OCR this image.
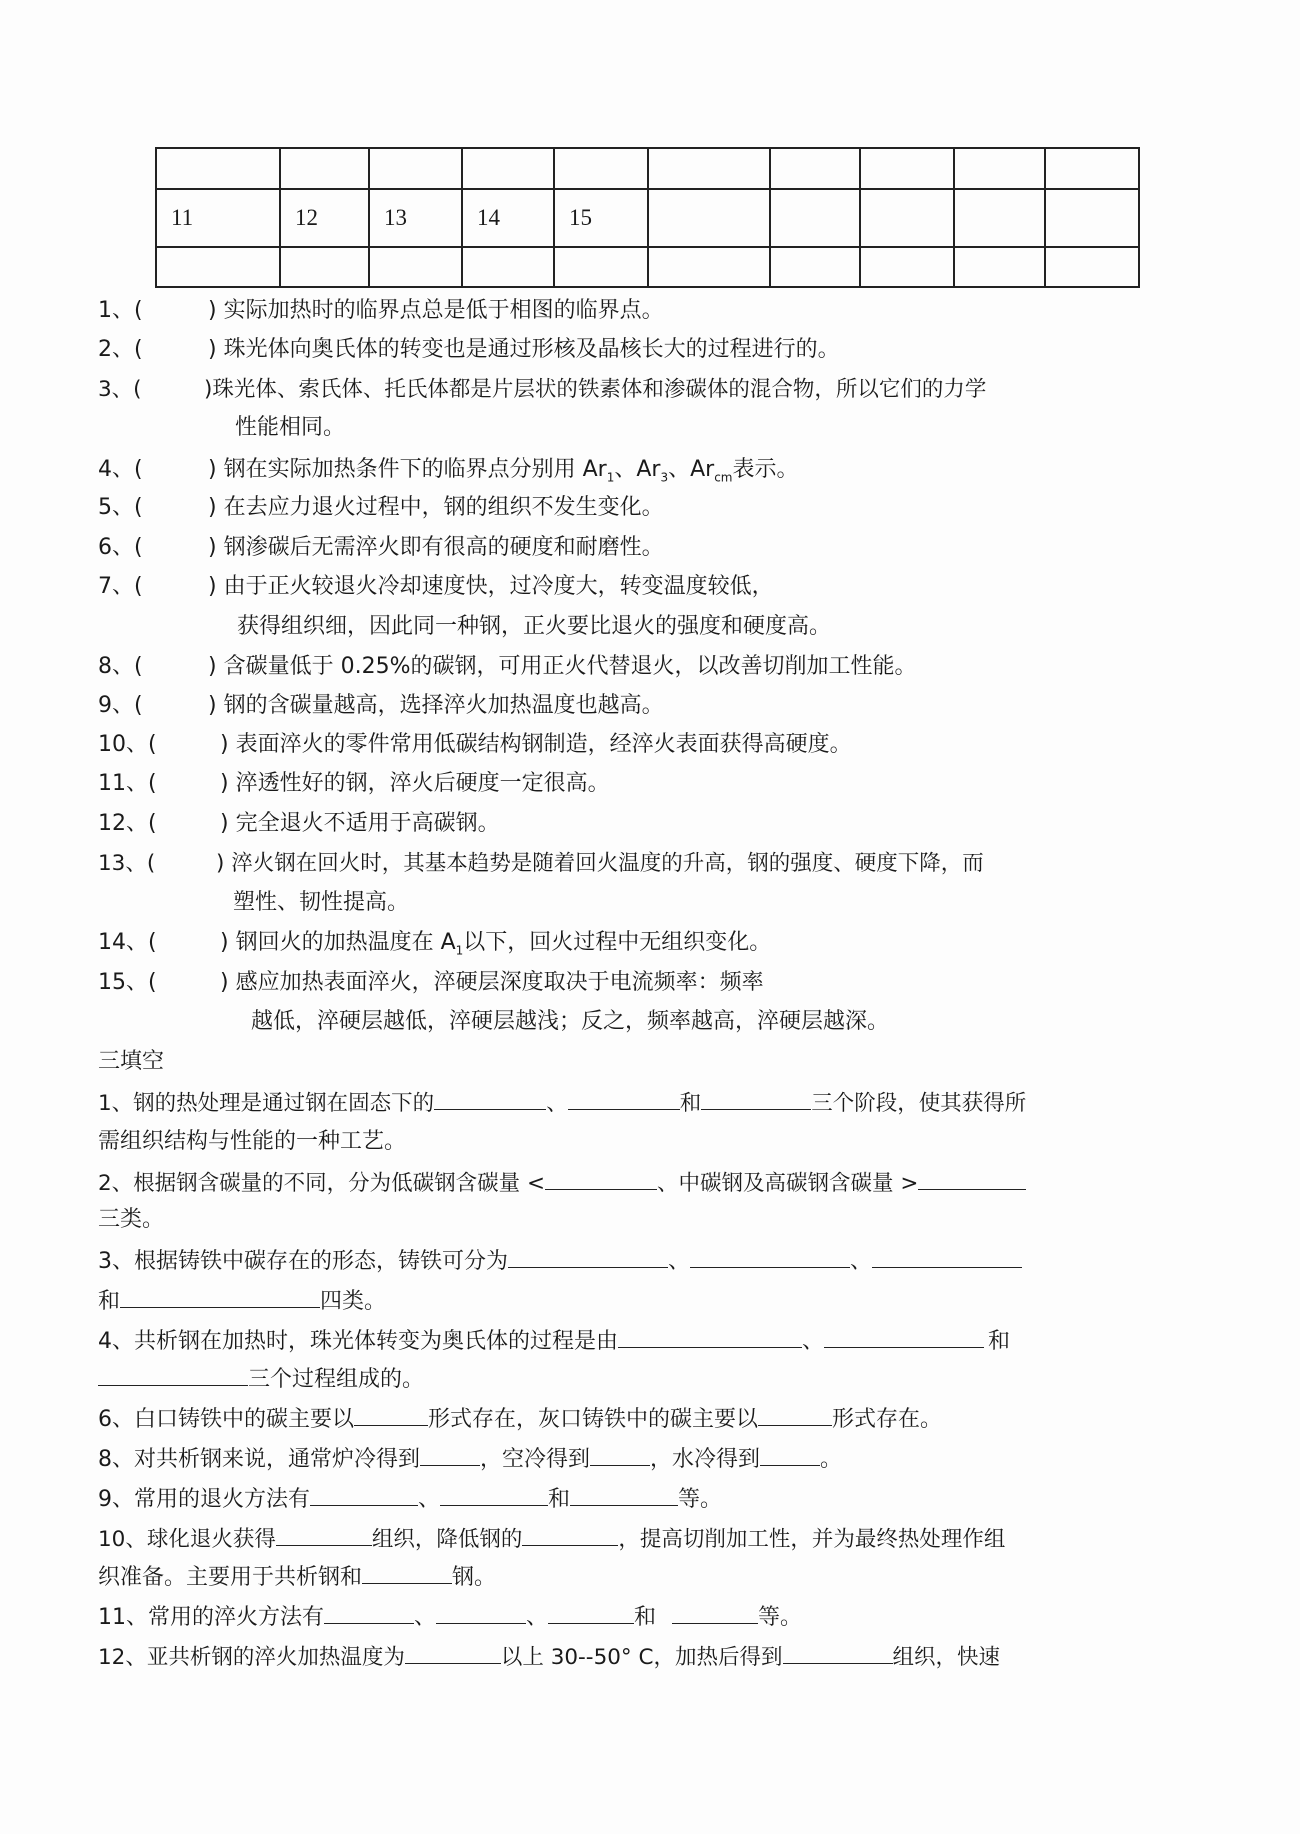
11	12	13	14	15					

1、(	) 实际加热时的临界点总是低于相图的临界点。
2、(	) 珠光体向奥氏体的转变也是通过形核及晶核长大的过程进行的。
3、(	)珠光体、索氏体、托氏体都是片层状的铁素体和渗碳体的混合物，所以它们的力学
性能相同。
4、(	) 钢在实际加热条件下的临界点分别用 $Ar_1$、$Ar_3$、$Ar_{cm}$表示。
5、(	) 在去应力退火过程中，钢的组织不发生变化。
6、(	) 钢渗碳后无需淬火即有很高的硬度和耐磨性。
7、(	) 由于正火较退火冷却速度快，过冷度大，转变温度较低，
获得组织细，因此同一种钢，正火要比退火的强度和硬度高。
8、(	) 含碳量低于 0.25%的碳钢，可用正火代替退火，以改善切削加工性能。
9、(	) 钢的含碳量越高，选择淬火加热温度也越高。
10、(	) 表面淬火的零件常用低碳结构钢制造，经淬火表面获得高硬度。
11、(	) 淬透性好的钢，淬火后硬度一定很高。
12、(	) 完全退火不适用于高碳钢。
13、(	) 淬火钢在回火时，其基本趋势是随着回火温度的升高，钢的强度、硬度下降，而
塑性、韧性提高。
14、(	) 钢回火的加热温度在 $A_1$以下，回火过程中无组织变化。
15、(	) 感应加热表面淬火，淬硬层深度取决于电流频率：频率
越低，淬硬层越低，淬硬层越浅；反之，频率越高，淬硬层越深。
三填空
1、钢的热处理是通过钢在固态下的	、	和	三个阶段，使其获得所
需组织结构与性能的一种工艺。
2、根据钢含碳量的不同，分为低碳钢含碳量 <	、中碳钢及高碳钢含碳量 >
三类。
3、根据铸铁中碳存在的形态，铸铁可分为	、	、
和	四类。
4、共析钢在加热时，珠光体转变为奥氏体的过程是由	、	和
三个过程组成的。
6、白口铸铁中的碳主要以	形式存在，灰口铸铁中的碳主要以	形式存在。
8、对共析钢来说，通常炉冷得到	，空冷得到	，水冷得到	。
9、常用的退火方法有	、	和	等。
10、球化退火获得	组织，降低钢的	，提高切削加工性，并为最终热处理作组
织准备。主要用于共析钢和	钢。
11、常用的淬火方法有	、	、	和	等。
12、亚共析钢的淬火加热温度为	以上 30--50° C，加热后得到	组织，快速
